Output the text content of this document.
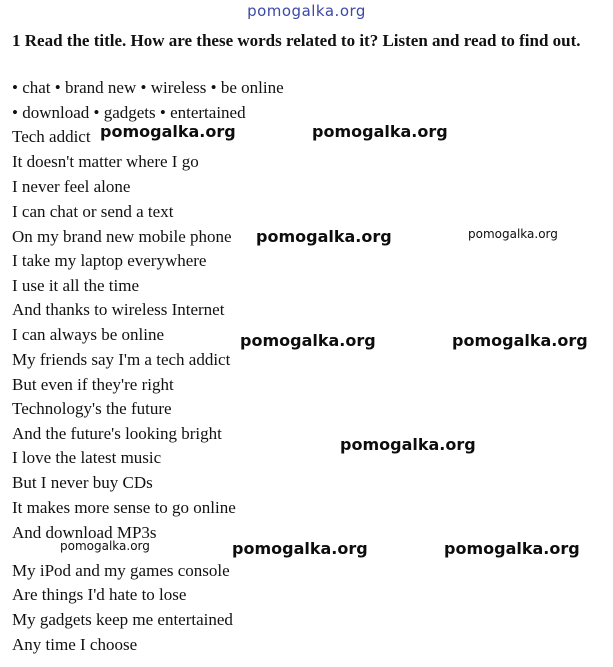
pomogalka.org
1 Read the title. How are these words related to it? Listen and read to find out.
• chat • brand new • wireless • be online
• download • gadgets • entertained
Tech addict
It doesn't matter where I go
I never feel alone
I can chat or send a text
On my brand new mobile phone
I take my laptop everywhere
I use it all the time
And thanks to wireless Internet
I can always be online
My friends say I'm a tech addict
But even if they're right
Technology's the future
And the future's looking bright
I love the latest music
But I never buy CDs
It makes more sense to go online
And download MP3s
My iPod and my games console
Are things I'd hate to lose
My gadgets keep me entertained
Any time I choose
pomogalka.org	pomogalka.org
pomogalka.org	pomogalka.org
pomogalka.org	pomogalka.org
pomogalka.org
pomogalka.org	pomogalka.org	pomogalka.org
